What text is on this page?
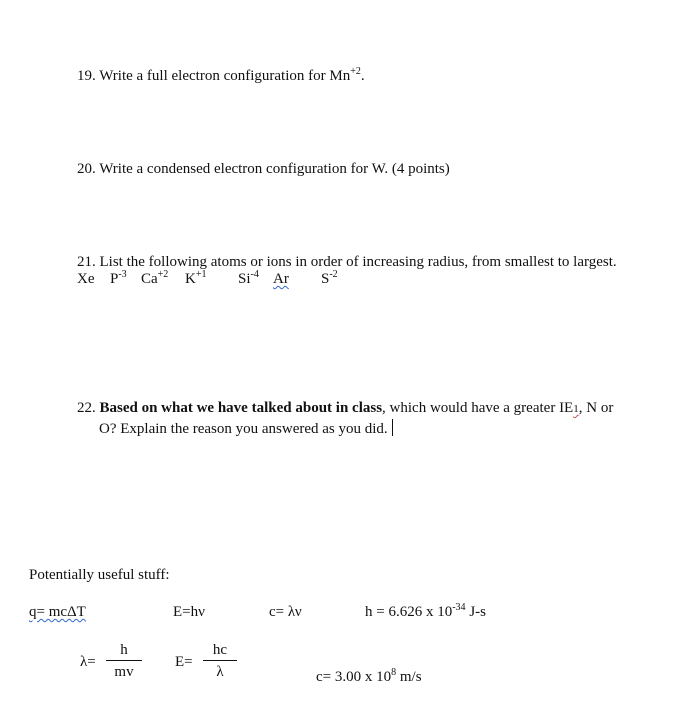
19. Write a full electron configuration for $Mn^{+2}$.
20. Write a condensed electron configuration for W. (4 points)
21. List the following atoms or ions in order of increasing radius, from smallest to largest.
Xe $P^{-3}$ $Ca^{+2}$ $K^{+1}$ $Si^{-4}$ Ar $S^{-2}$
22. Based on what we have talked about in class, which would have a greater IE1, N or
O? Explain the reason you answered as you did.
Potentially useful stuff:
q= mcΔT	E=hν	c= λν	h = 6.626 x $10^{-34}$ J-s
$\lambda= \frac{h}{mv} E= \frac{hc}{\lambda}$	c= 3.00 x $10^8$ m/s
